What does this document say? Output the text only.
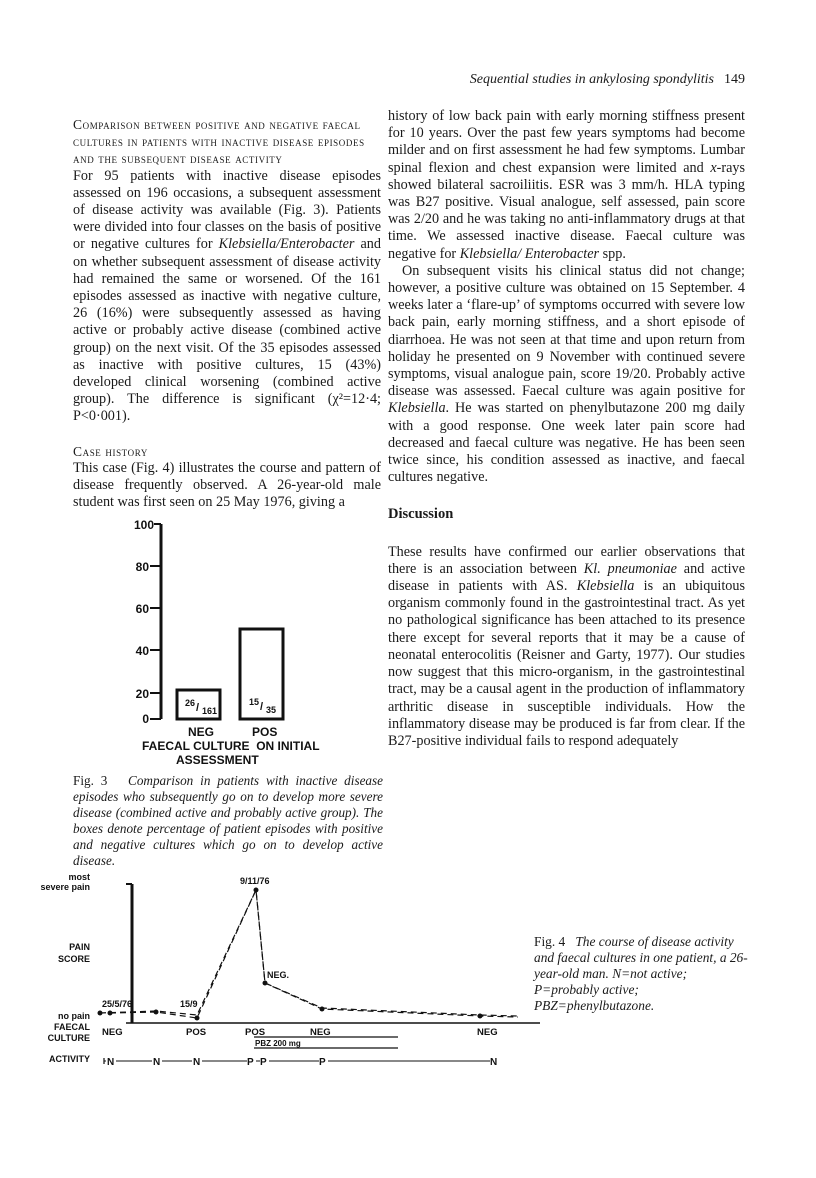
Sequential studies in ankylosing spondylitis 149

Comparison between positive and negative faecal cultures in patients with inactive disease episodes and the subsequent disease activity

For 95 patients with inactive disease episodes assessed on 196 occasions, a subsequent assessment of disease activity was available (Fig. 3). Patients were divided into four classes on the basis of positive or negative cultures for Klebsiella/Enterobacter and on whether subsequent assessment of disease activity had remained the same or worsened. Of the 161 episodes assessed as inactive with negative culture, 26 (16%) were subsequently assessed as having active or probably active disease (combined active group) on the next visit. Of the 35 episodes assessed as inactive with positive cultures, 15 (43%) developed clinical worsening (combined active group). The difference is significant (χ²=12·4; P<0·001).

Case history

This case (Fig. 4) illustrates the course and pattern of disease frequently observed. A 26-year-old male student was first seen on 25 May 1976, giving a

100
80
60
40
20
0
26 / 161
15 / 35
NEG	POS
FAECAL CULTURE  ON INITIAL
ASSESSMENT
Fig. 3 Comparison in patients with inactive disease episodes who subsequently go on to develop more severe disease (combined active and probably active group). The boxes denote percentage of patient episodes with positive and negative cultures which go on to develop active disease.

history of low back pain with early morning stiffness present for 10 years. Over the past few years symptoms had become milder and on first assessment he had few symptoms. Lumbar spinal flexion and chest expansion were limited and x-rays showed bilateral sacroiliitis. ESR was 3 mm/h. HLA typing was B27 positive. Visual analogue, self assessed, pain score was 2/20 and he was taking no anti-inflammatory drugs at that time. We assessed inactive disease. Faecal culture was negative for Klebsiella/ Enterobacter spp.

On subsequent visits his clinical status did not change; however, a positive culture was obtained on 15 September. 4 weeks later a ‘flare-up’ of symptoms occurred with severe low back pain, early morning stiffness, and a short episode of diarrhoea. He was not seen at that time and upon return from holiday he presented on 9 November with continued severe symptoms, visual analogue pain, score 19/20. Probably active disease was assessed. Faecal culture was again positive for Klebsiella. He was started on phenylbutazone 200 mg daily with a good response. One week later pain score had decreased and faecal culture was negative. He has been seen twice since, his condition assessed as inactive, and faecal cultures negative.

Discussion

These results have confirmed our earlier observations that there is an association between Kl. pneumoniae and active disease in patients with AS. Klebsiella is an ubiquitous organism commonly found in the gastrointestinal tract. As yet no pathological significance has been attached to its presence there except for several reports that it may be a cause of neonatal enterocolitis (Reisner and Garty, 1977). Our studies now suggest that this micro-organism, in the gastrointestinal tract, may be a causal agent in the production of inflammatory arthritic disease in susceptible individuals. How the inflammatory disease may be produced is far from clear. If the B27-positive individual fails to respond adequately

most
severe pain
PAIN
SCORE
no pain
FAECAL
CULTURE
ACTIVITY
25/5/76	15/9
9/11/76
NEG.
NEG	POS	POS	NEG	NEG
PBZ 200 mg
N	N	N	P P	P	N
Fig. 4 The course of disease activity and faecal cultures in one patient, a 26-year-old man. N=not active; P=probably active; PBZ=phenylbutazone.
